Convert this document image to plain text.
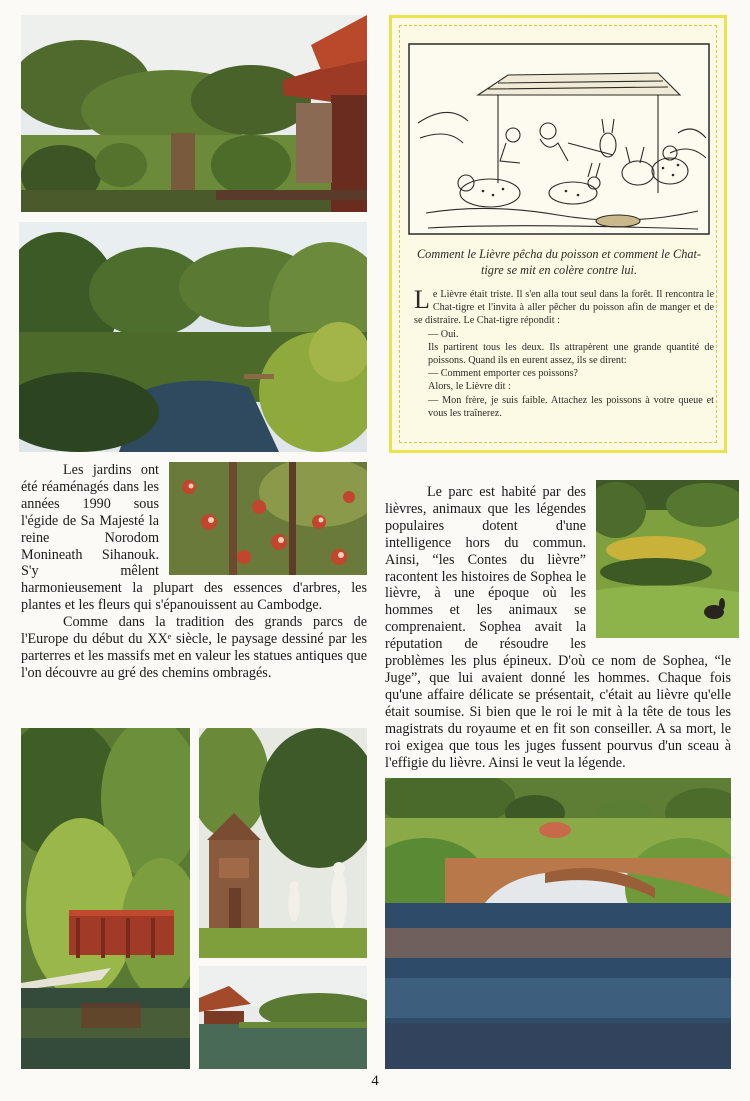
Comment le Lièvre pêcha du poisson et comment le Chat-tigre se mit en colère contre lui.

Le Lièvre était triste. Il s'en alla tout seul dans la forêt. Il rencontra le Chat-tigre et l'invita à aller pêcher du poisson afin de manger et de se distraire. Le Chat-tigre répondit :

— Oui.

Ils partirent tous les deux. Ils attrapèrent une grande quantité de poissons. Quand ils en eurent assez, ils se dirent:

— Comment emporter ces poissons?

Alors, le Lièvre dit :

— Mon frère, je suis faible. Attachez les poissons à votre queue et vous les traînerez.

Les jardins ont été réaménagés dans les années 1990 sous l'égide de Sa Majesté la reine Norodom Monineath Sihanouk. S'y mêlent harmonieusement la plupart des essences d'arbres, les plantes et les fleurs qui s'épanouissent au Cambodge.

Comme dans la tradition des grands parcs de l'Europe du début du XXᵉ siècle, le paysage dessiné par les parterres et les massifs met en valeur les statues antiques que l'on découvre au gré des chemins ombragés.

Le parc est habité par des lièvres, animaux que les légendes populaires dotent d'une intelligence hors du commun. Ainsi, “les Contes du lièvre” racontent les histoires de Sophea le lièvre, à une époque où les hommes et les animaux se comprenaient. Sophea avait la réputation de résoudre les problèmes les plus épineux. D'où ce nom de Sophea, “le Juge”, que lui avaient donné les hommes. Chaque fois qu'une affaire délicate se présentait, c'était au lièvre qu'elle était soumise. Si bien que le roi le mit à la tête de tous les magistrats du royaume et en fit son conseiller. A sa mort, le roi exigea que tous les juges fussent pourvus d'un sceau à l'effigie du lièvre. Ainsi le veut la légende.

4
